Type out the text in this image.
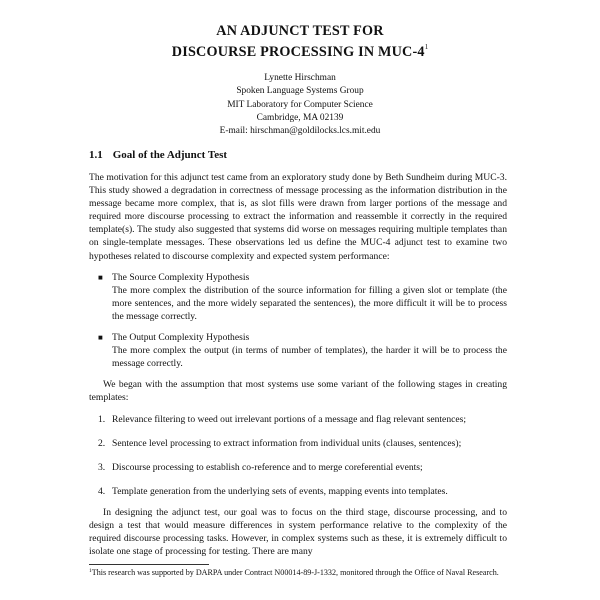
AN ADJUNCT TEST FOR
DISCOURSE PROCESSING IN MUC-$4^1$
Lynette Hirschman
Spoken Language Systems Group
MIT Laboratory for Computer Science
Cambridge, MA 02139
E-mail: hirschman@goldilocks.lcs.mit.edu
1.1 Goal of the Adjunct Test

The motivation for this adjunct test came from an exploratory study done by Beth Sundheim during MUC-3. This study showed a degradation in correctness of message processing as the information distribution in the message became more complex, that is, as slot fills were drawn from larger portions of the message and required more discourse processing to extract the information and reassemble it correctly in the required template(s). The study also suggested that systems did worse on messages requiring multiple templates than on single-template messages. These observations led us define the MUC-4 adjunct test to examine two hypotheses related to discourse complexity and expected system performance:

■ The Source Complexity Hypothesis
The more complex the distribution of the source information for filling a given slot or template (the more sentences, and the more widely separated the sentences), the more difficult it will be to process the message correctly.
■ The Output Complexity Hypothesis
The more complex the output (in terms of number of templates), the harder it will be to process the message correctly.

We began with the assumption that most systems use some variant of the following stages in creating templates:

1. Relevance filtering to weed out irrelevant portions of a message and flag relevant sentences;
2. Sentence level processing to extract information from individual units (clauses, sentences);
3. Discourse processing to establish co-reference and to merge coreferential events;
4. Template generation from the underlying sets of events, mapping events into templates.

In designing the adjunct test, our goal was to focus on the third stage, discourse processing, and to design a test that would measure differences in system performance relative to the complexity of the required discourse processing tasks. However, in complex systems such as these, it is extremely difficult to isolate one stage of processing for testing. There are many

$^1$This research was supported by DARPA under Contract N00014-89-J-1332, monitored through the Office of Naval Research.
